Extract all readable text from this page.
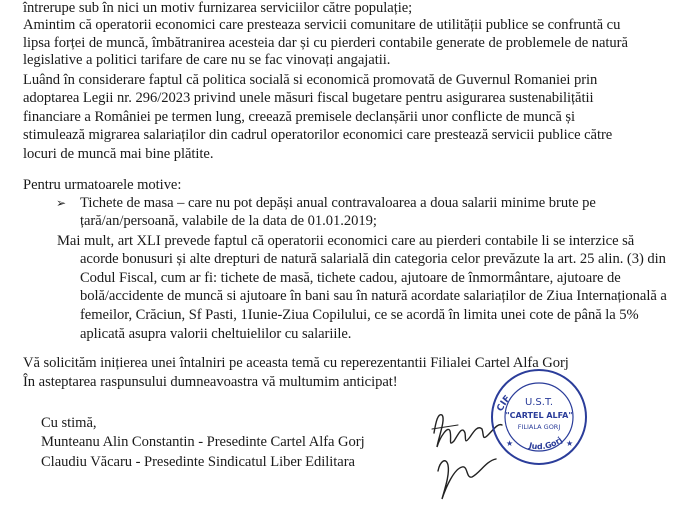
întrerupe sub în nici un motiv furnizarea serviciilor către populație;
Amintim că operatorii economici care presteaza servicii comunitare de utilității publice se confruntă cu
lipsa forței de muncă, îmbătranirea acesteia dar și cu pierderi contabile generate de problemele de natură
legislative a politici tarifare de care nu se fac vinovați angajatii.
Luând în considerare faptul că politica socială si economică promovată de Guvernul Romaniei prin
adoptarea Legii nr. 296/2023 privind unele măsuri fiscal bugetare pentru asigurarea sustenabilițătii
financiare a României pe termen lung, creează premisele declanșării unor conflicte de muncă și
stimulează migrarea salariaților din cadrul operatorilor economici care prestează servicii publice către
locuri de muncă mai bine plătite.
Pentru urmatoarele motive:
➢ Tichete de masa – care nu pot depăși anual contravaloarea a doua salarii minime brute pe
țară/an/persoană, valabile de la data de 01.01.2019;
Mai mult, art XLI prevede faptul că operatorii economici care au pierderi contabile li se interzice să
acorde bonusuri și alte drepturi de natură salarială din categoria celor prevăzute la art. 25 alin. (3) din
Codul Fiscal, cum ar fi: tichete de masă, tichete cadou, ajutoare de înmormântare, ajutoare de
bolă/accidente de muncă si ajutoare în bani sau în natură acordate salariaților de Ziua Internațională a
femeilor, Crăciun, Sf Pasti, 1Iunie-Ziua Copilului, ce se acordă în limita unei cote de până la 5%
aplicată asupra valorii cheltuielilor cu salariile.
Vă solicităm inițierea unei întalniri pe aceasta temă cu reperezentantii Filialei Cartel Alfa Gorj
În asteptarea raspunsului dumneavoastra vă multumim anticipat!
Cu stimă,
Munteanu Alin Constantin - Presedinte Cartel Alfa Gorj
Claudiu Văcaru - Presedinte Sindicatul Liber Edilitara
CIF
Jud.Gorj
U.S.T.
"CARTEL ALFA"
FILIALA GORJ
★	★
